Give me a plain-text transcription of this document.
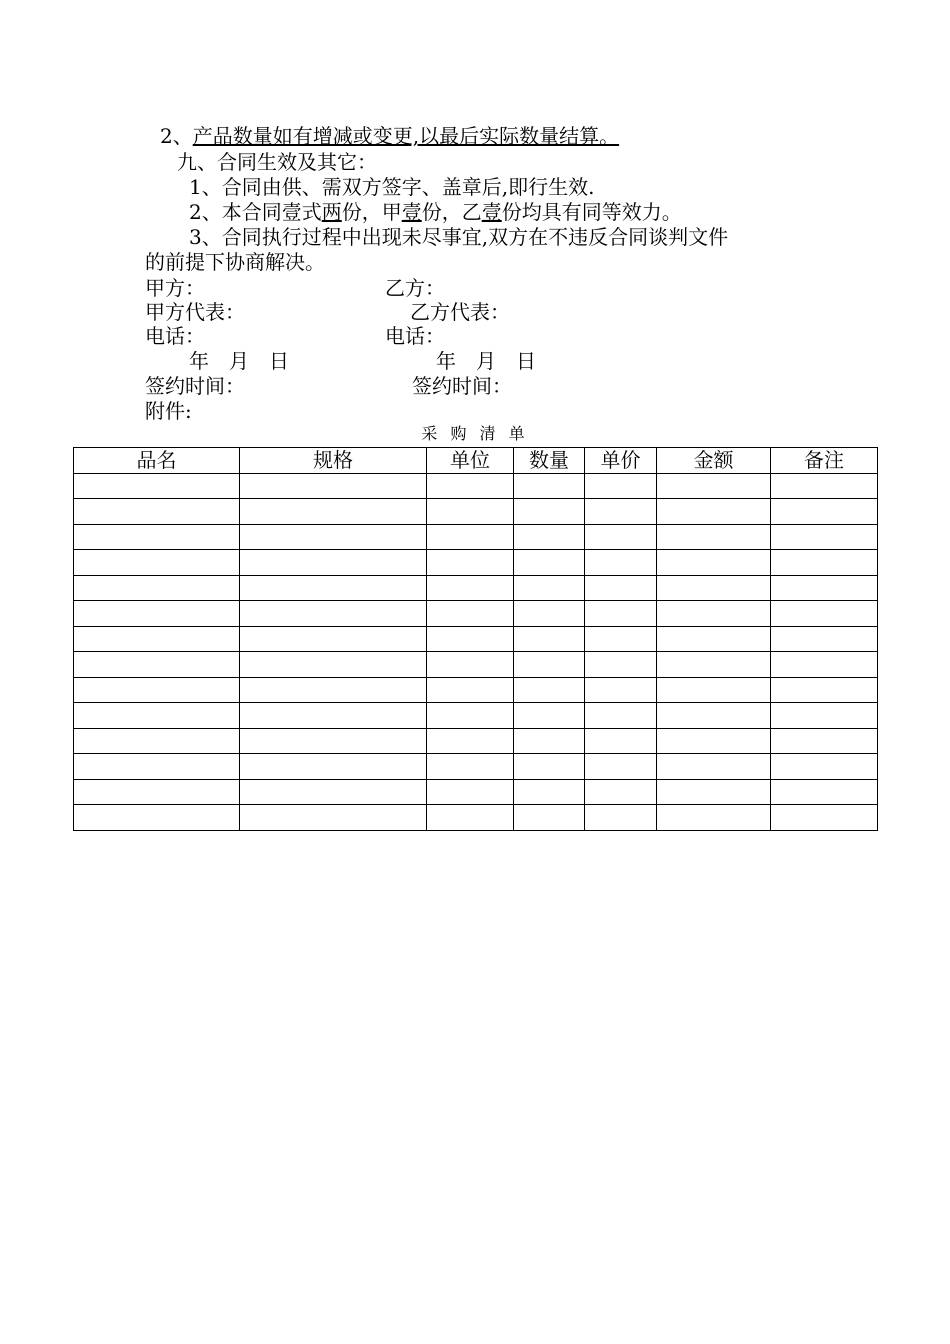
2、产品数量如有增减或变更,以最后实际数量结算。
九、合同生效及其它：
1、合同由供、需双方签字、盖章后,即行生效.
2、本合同壹式两份，甲壹份，乙壹份均具有同等效力。
3、合同执行过程中出现未尽事宜,双方在不违反合同谈判文件
的前提下协商解决。
甲方：	乙方：
甲方代表：	乙方代表：
电话：	电话：
年　月　日	年　月　日
签约时间：	签约时间：
附件:
采 购 清 单
品名	规格	单位	数量	单价	金额	备注
